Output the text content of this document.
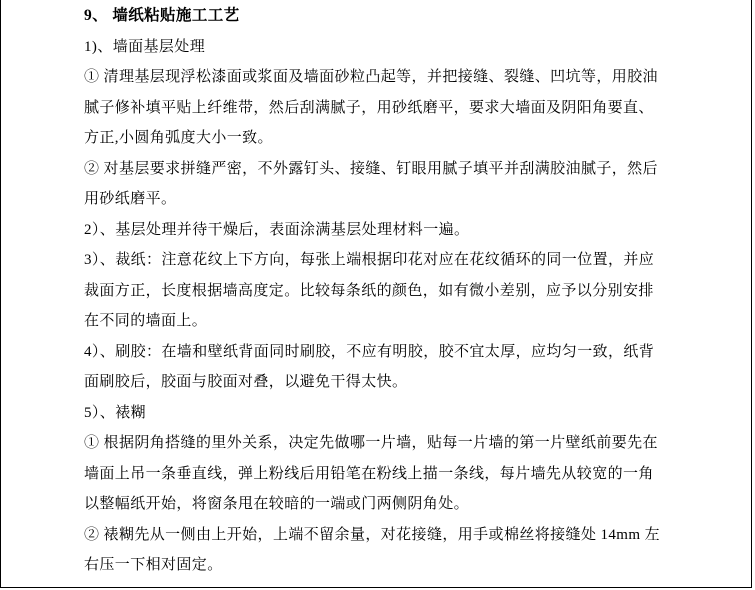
9、 墙纸粘贴施工工艺
1)、墙面基层处理
① 清理基层现浮松漆面或浆面及墙面砂粒凸起等，并把接缝、裂缝、凹坑等，用胶油
腻子修补填平贴上纤维带，然后刮满腻子，用砂纸磨平，要求大墙面及阴阳角要直、
方正,小圆角弧度大小一致。
② 对基层要求拼缝严密，不外露钉头、接缝、钉眼用腻子填平并刮满胶油腻子，然后
用砂纸磨平。
2）、基层处理并待干燥后，表面涂满基层处理材料一遍。
3）、裁纸：注意花纹上下方向，每张上端根据印花对应在花纹循环的同一位置，并应
裁面方正，长度根据墙高度定。比较每条纸的颜色，如有微小差别，应予以分别安排
在不同的墙面上。
4）、刷胶：在墙和壁纸背面同时刷胶，不应有明胶，胶不宜太厚，应均匀一致，纸背
面刷胶后，胶面与胶面对叠，以避免干得太快。
5）、裱糊
① 根据阴角搭缝的里外关系，决定先做哪一片墙，贴每一片墙的第一片壁纸前要先在
墙面上吊一条垂直线，弹上粉线后用铅笔在粉线上描一条线，每片墙先从较宽的一角
以整幅纸开始，将窗条甩在较暗的一端或门两侧阴角处。
② 裱糊先从一侧由上开始，上端不留余量，对花接缝，用手或棉丝将接缝处 14mm 左
右压一下相对固定。
